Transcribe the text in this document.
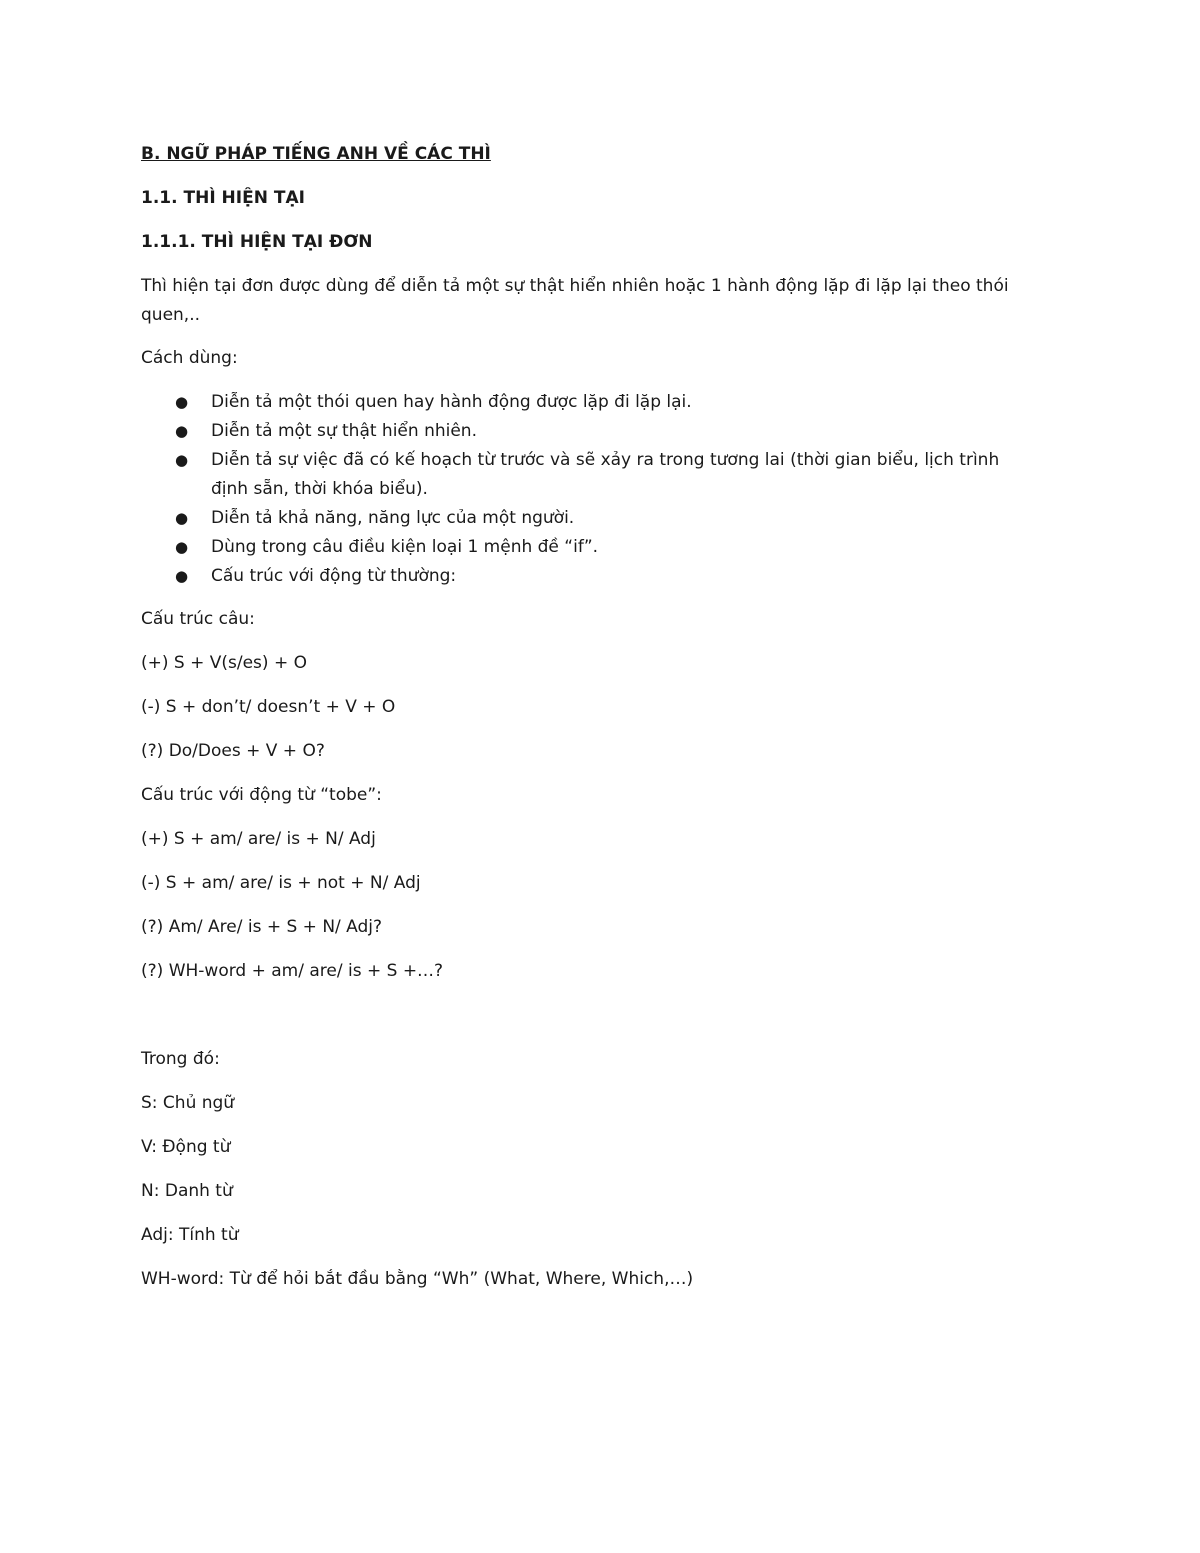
B. NGỮ PHÁP TIẾNG ANH VỀ CÁC THÌ

1.1. THÌ HIỆN TẠI

1.1.1. THÌ HIỆN TẠI ĐƠN

Thì hiện tại đơn được dùng để diễn tả một sự thật hiển nhiên hoặc 1 hành động lặp đi lặp lại theo thói quen,..

Cách dùng:

● Diễn tả một thói quen hay hành động được lặp đi lặp lại.
● Diễn tả một sự thật hiển nhiên.
● Diễn tả sự việc đã có kế hoạch từ trước và sẽ xảy ra trong tương lai (thời gian biểu, lịch trình định sẵn, thời khóa biểu).
● Diễn tả khả năng, năng lực của một người.
● Dùng trong câu điều kiện loại 1 mệnh đề “if”.
● Cấu trúc với động từ thường:

Cấu trúc câu:

(+) S + V(s/es) + O

(-) S + don’t/ doesn’t + V + O

(?) Do/Does + V + O?

Cấu trúc với động từ “tobe”:

(+) S + am/ are/ is + N/ Adj

(-) S + am/ are/ is + not + N/ Adj

(?) Am/ Are/ is + S + N/ Adj?

(?) WH-word + am/ are/ is + S +…?

Trong đó:

S: Chủ ngữ

V: Động từ

N: Danh từ

Adj: Tính từ

WH-word: Từ để hỏi bắt đầu bằng “Wh” (What, Where, Which,…)
